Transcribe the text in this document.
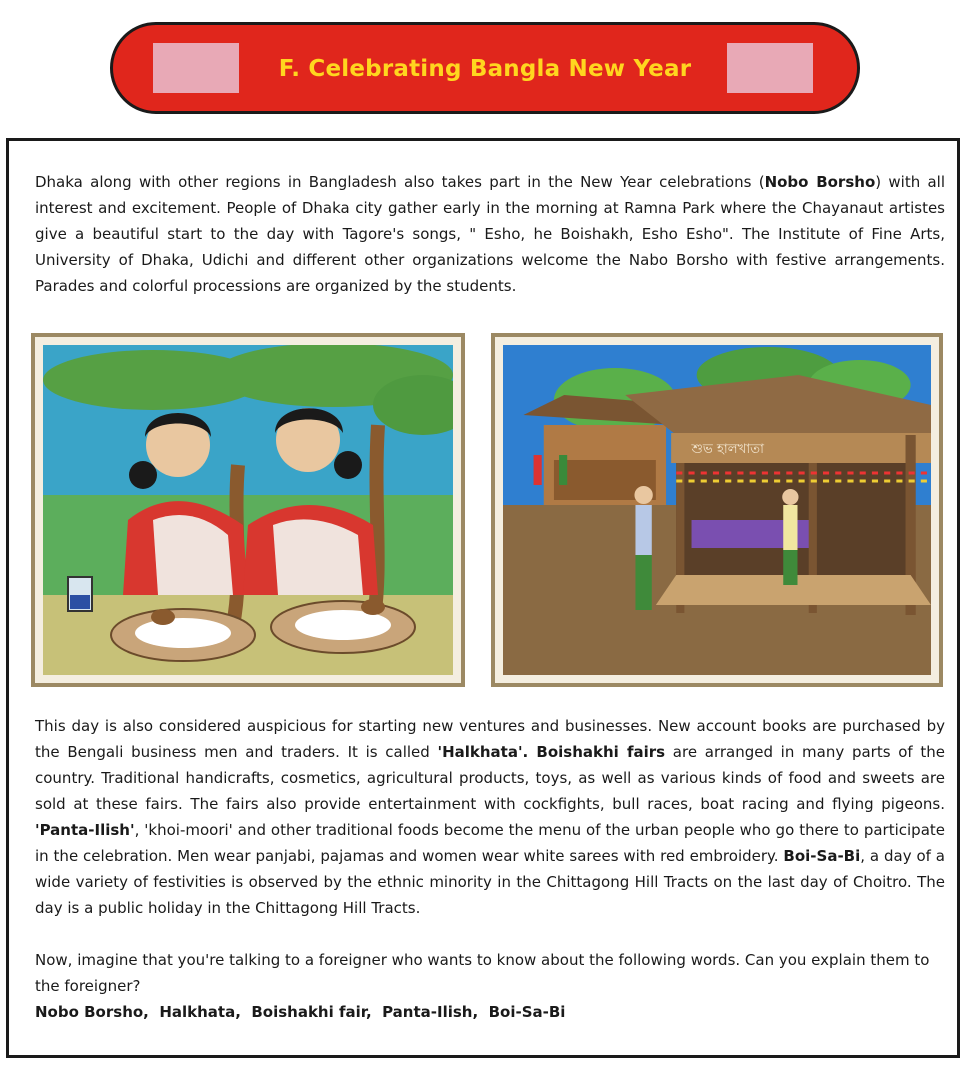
F. Celebrating Bangla New Year

Dhaka along with other regions in Bangladesh also takes part in the New Year celebrations (Nobo Borsho) with all interest and excitement. People of Dhaka city gather early in the morning at Ramna Park where the Chayanaut artistes give a beautiful start to the day with Tagore's songs, " Esho, he Boishakh, Esho Esho". The Institute of Fine Arts, University of Dhaka, Udichi and different other organizations welcome the Nabo Borsho with festive arrangements. Parades and colorful processions are organized by the students.

শুভ হালখাতা

This day is also considered auspicious for starting new ventures and businesses. New account books are purchased by the Bengali business men and traders. It is called 'Halkhata'. Boishakhi fairs are arranged in many parts of the country. Traditional handicrafts, cosmetics, agricultural products, toys, as well as various kinds of food and sweets are sold at these fairs. The fairs also provide entertainment with cockfights, bull races, boat racing and flying pigeons. 'Panta-Ilish', 'khoi-moori' and other traditional foods become the menu of the urban people who go there to participate in the celebration. Men wear panjabi, pajamas and women wear white sarees with red embroidery. Boi-Sa-Bi, a day of a wide variety of festivities is observed by the ethnic minority in the Chittagong Hill Tracts on the last day of Choitro. The day is a public holiday in the Chittagong Hill Tracts.

Now, imagine that you're talking to a foreigner who wants to know about the following words. Can you explain them to the foreigner?
Nobo Borsho,  Halkhata,  Boishakhi fair,  Panta-Ilish,  Boi-Sa-Bi
